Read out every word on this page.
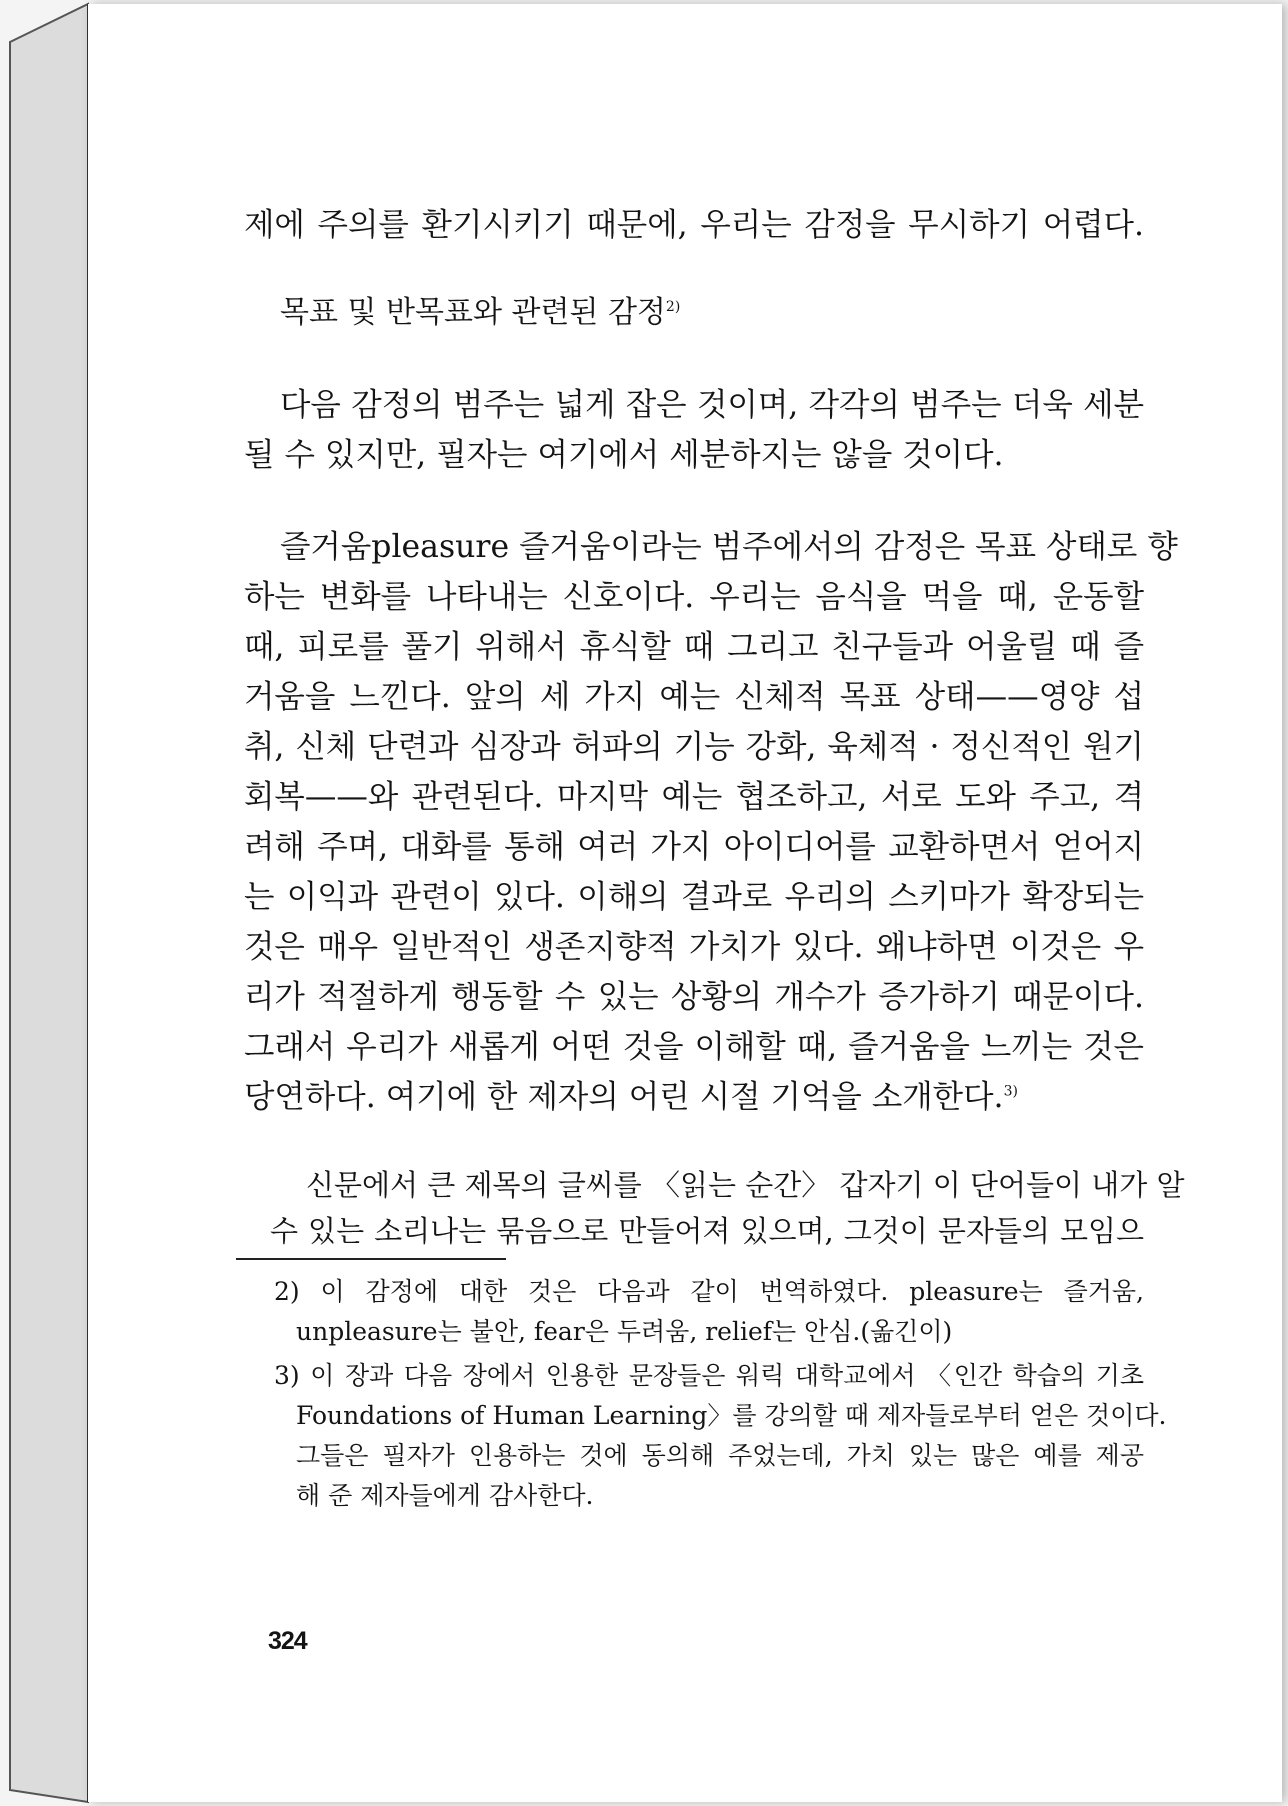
제에 주의를 환기시키기 때문에, 우리는 감정을 무시하기 어렵다.
목표 및 반목표와 관련된 감정$^{2)}$
다음 감정의 범주는 넓게 잡은 것이며, 각각의 범주는 더욱 세분
될 수 있지만, 필자는 여기에서 세분하지는 않을 것이다.
즐거움pleasure 즐거움이라는 범주에서의 감정은 목표 상태로 향
하는 변화를 나타내는 신호이다. 우리는 음식을 먹을 때, 운동할
때, 피로를 풀기 위해서 휴식할 때 그리고 친구들과 어울릴 때 즐
거움을 느낀다. 앞의 세 가지 예는 신체적 목표 상태——영양 섭
취, 신체 단련과 심장과 허파의 기능 강화, 육체적 · 정신적인 원기
회복——와 관련된다. 마지막 예는 협조하고, 서로 도와 주고, 격
려해 주며, 대화를 통해 여러 가지 아이디어를 교환하면서 얻어지
는 이익과 관련이 있다. 이해의 결과로 우리의 스키마가 확장되는
것은 매우 일반적인 생존지향적 가치가 있다. 왜냐하면 이것은 우
리가 적절하게 행동할 수 있는 상황의 개수가 증가하기 때문이다.
그래서 우리가 새롭게 어떤 것을 이해할 때, 즐거움을 느끼는 것은
당연하다. 여기에 한 제자의 어린 시절 기억을 소개한다.$^{3)}$
신문에서 큰 제목의 글씨를 〈읽는 순간〉 갑자기 이 단어들이 내가 알
수 있는 소리나는 묶음으로 만들어져 있으며, 그것이 문자들의 모임으
2) 이 감정에 대한 것은 다음과 같이 번역하였다. pleasure는 즐거움,
unpleasure는 불안, fear은 두려움, relief는 안심.(옮긴이)
3) 이 장과 다음 장에서 인용한 문장들은 워릭 대학교에서 〈인간 학습의 기초
Foundations of Human Learning〉를 강의할 때 제자들로부터 얻은 것이다.
그들은 필자가 인용하는 것에 동의해 주었는데, 가치 있는 많은 예를 제공
해 준 제자들에게 감사한다.
324
